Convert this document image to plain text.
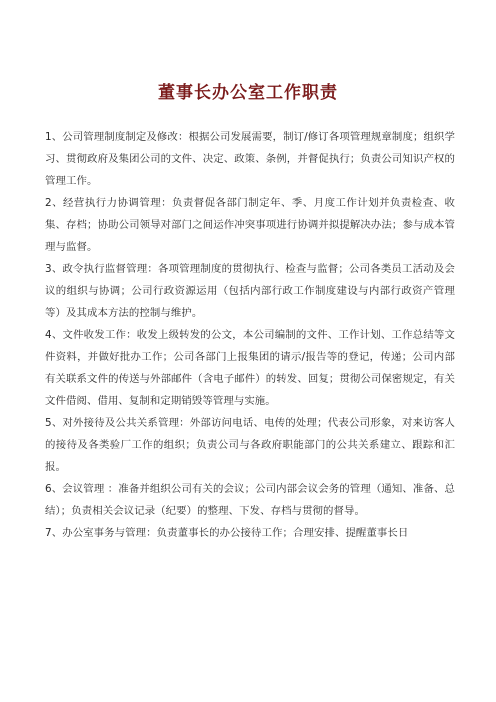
董事长办公室工作职责

1、公司管理制度制定及修改：根据公司发展需要，制订/修订各项管理规章制度；组织学习、贯彻政府及集团公司的文件、决定、政策、条例，并督促执行；负责公司知识产权的管理工作。

2、经营执行力协调管理：负责督促各部门制定年、季、月度工作计划并负责检查、收集、存档；协助公司领导对部门之间运作冲突事项进行协调并拟提解决办法；参与成本管理与监督。

3、政令执行监督管理：各项管理制度的贯彻执行、检查与监督；公司各类员工活动及会议的组织与协调；公司行政资源运用（包括内部行政工作制度建设与内部行政资产管理等）及其成本方法的控制与维护。

4、文件收发工作：收发上级转发的公文，本公司编制的文件、工作计划、工作总结等文件资料，并做好批办工作；公司各部门上报集团的请示/报告等的登记，传递；公司内部有关联系文件的传送与外部邮件（含电子邮件）的转发、回复；贯彻公司保密规定，有关文件借阅、借用、复制和定期销毁等管理与实施。

5、对外接待及公共关系管理：外部访问电话、电传的处理；代表公司形象，对来访客人的接待及各类验厂工作的组织；负责公司与各政府职能部门的公共关系建立、跟踪和汇报。

6、会议管理 ：准备并组织公司有关的会议；公司内部会议会务的管理（通知、准备、总结）；负责相关会议记录（纪要）的整理、下发、存档与贯彻的督导。

7、办公室事务与管理：负责董事长的办公接待工作；合理安排、提醒董事长日
